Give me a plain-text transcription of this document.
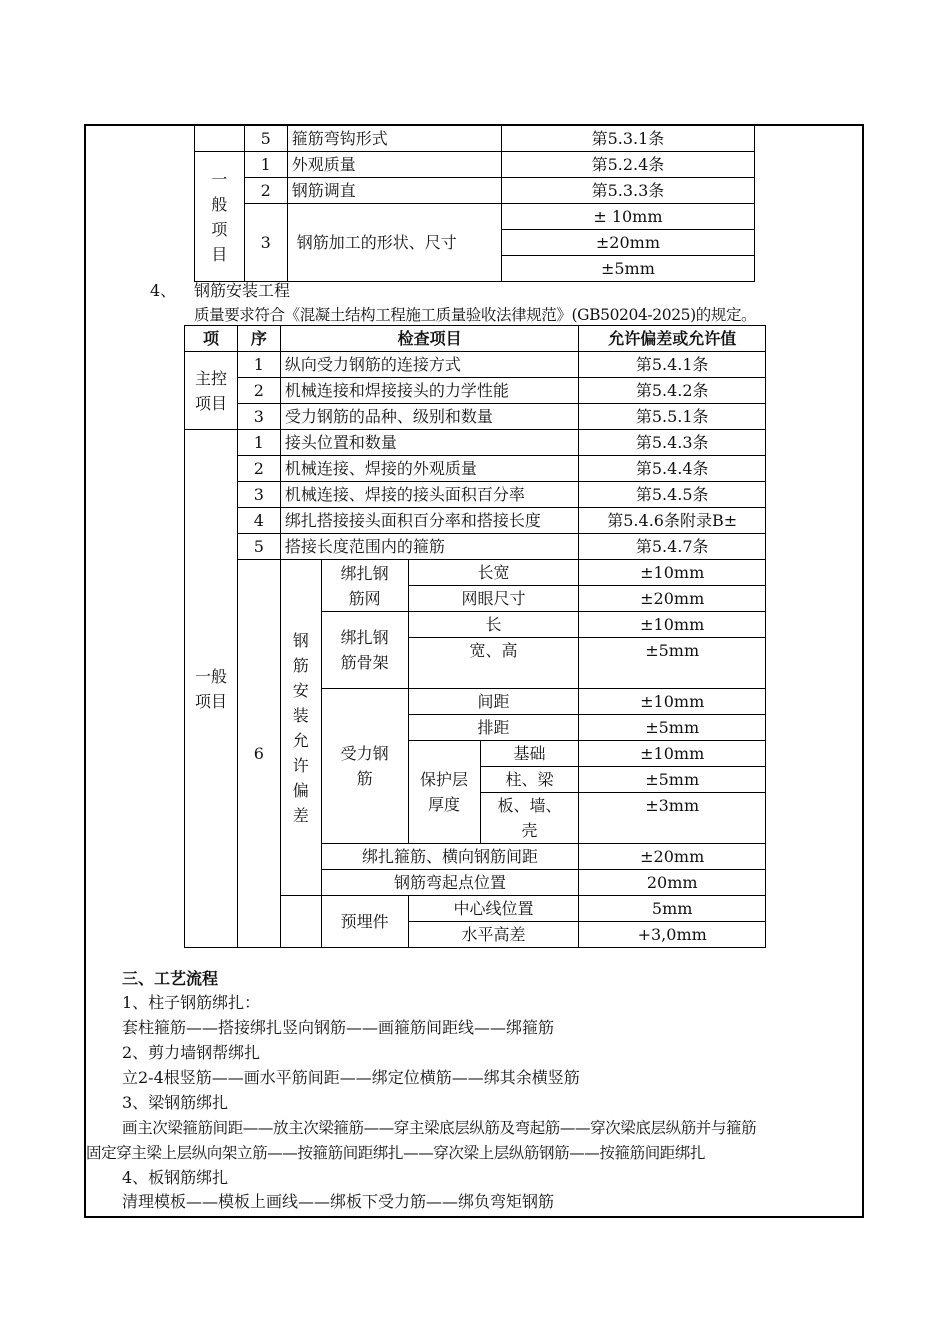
	5	箍筋弯钩形式	第5.3.1条

一般项目	1	外观质量	第5.2.4条
	2	钢筋调直	第5.3.3条
	3	钢筋加工的形状、尺寸	± 10mm
			±20mm
			±5mm
4、 钢筋安装工程
质量要求符合《混凝土结构工程施工质量验收法律规范》(GB50204-2025)的规定。
项	序	检查项目				允许偏差或允许值

主控项目	1	纵向受力钢筋的连接方式				第5.4.1条
	2	机械连接和焊接接头的力学性能				第5.4.2条
	3	受力钢筋的品种、级别和数量				第5.5.1条

一般项目	1	接头位置和数量				第5.4.3条
	2	机械连接、焊接的外观质量				第5.4.4条
	3	机械连接、焊接的接头面积百分率				第5.4.5条
	4	绑扎搭接接头面积百分率和搭接长度				第5.4.6条附录B±
	5	搭接长度范围内的箍筋				第5.4.7条
	6	钢筋安装允许偏差	绑扎钢筋网	长宽		±10mm
				网眼尺寸		±20mm

			绑扎钢筋骨架	长		±10mm
				宽、高		±5mm

			受力钢筋	间距		±10mm
				排距		±5mm

				保护层厚度	基础	±10mm
					柱、梁	±5mm

					板、墙、壳	±3mm
			绑扎箍筋、横向钢筋间距			±20mm
			钢筋弯起点位置			20mm
			预埋件	中心线位置		5mm
				水平高差		+3,0mm
三、工艺流程
1、柱子钢筋绑扎：
套柱箍筋——搭接绑扎竖向钢筋——画箍筋间距线——绑箍筋
2、剪力墙钢帮绑扎
立2-4根竖筋——画水平筋间距——绑定位横筋——绑其余横竖筋
3、梁钢筋绑扎
画主次梁箍筋间距——放主次梁箍筋——穿主梁底层纵筋及弯起筋——穿次梁底层纵筋并与箍筋
固定穿主梁上层纵向架立筋——按箍筋间距绑扎——穿次梁上层纵筋钢筋——按箍筋间距绑扎
4、板钢筋绑扎
清理模板——模板上画线——绑板下受力筋——绑负弯矩钢筋
